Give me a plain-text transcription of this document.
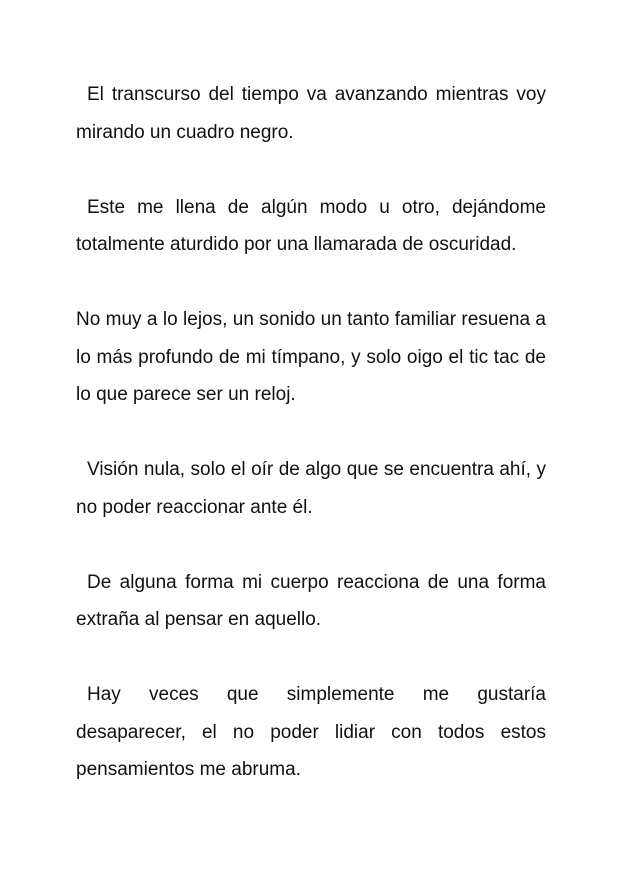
El transcurso del tiempo va avanzando mientras voy mirando un cuadro negro.

Este me llena de algún modo u otro, dejándome totalmente aturdido por una llamarada de oscuridad.

No muy a lo lejos, un sonido un tanto familiar resuena a lo más profundo de mi tímpano, y solo oigo el tic tac de lo que parece ser un reloj.

Visión nula, solo el oír de algo que se encuentra ahí, y no poder reaccionar ante él.

De alguna forma mi cuerpo reacciona de una forma extraña al pensar en aquello.

Hay veces que simplemente me gustaría desaparecer, el no poder lidiar con todos estos pensamientos me abruma.
